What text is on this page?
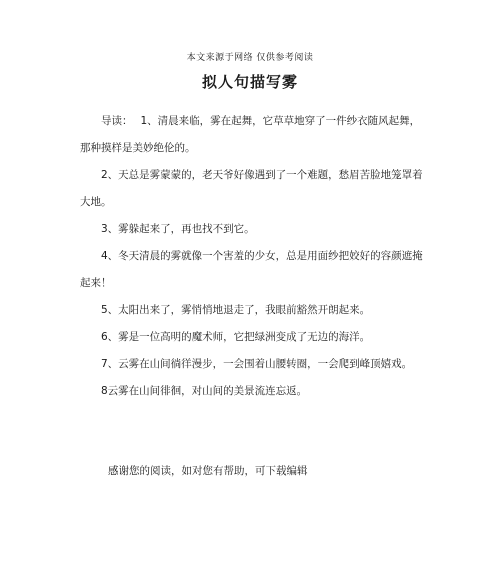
本文来源于网络 仅供参考阅读
拟人句描写雾

导读： 1、清晨来临，雾在起舞，它草草地穿了一件纱衣随风起舞，那种摸样是美妙绝伦的。

2、天总是雾蒙蒙的，老天爷好像遇到了一个难题，愁眉苦脸地笼罩着大地。

3、雾躲起来了，再也找不到它。

4、冬天清晨的雾就像一个害羞的少女，总是用面纱把姣好的容颜遮掩起来！

5、太阳出来了，雾悄悄地退走了，我眼前豁然开朗起来。

6、雾是一位高明的魔术师，它把绿洲变成了无边的海洋。

7、云雾在山间徜徉漫步，一会围着山腰转圈，一会爬到峰顶嬉戏。

8云雾在山间徘徊，对山间的美景流连忘返。

感谢您的阅读，如对您有帮助，可下载编辑
